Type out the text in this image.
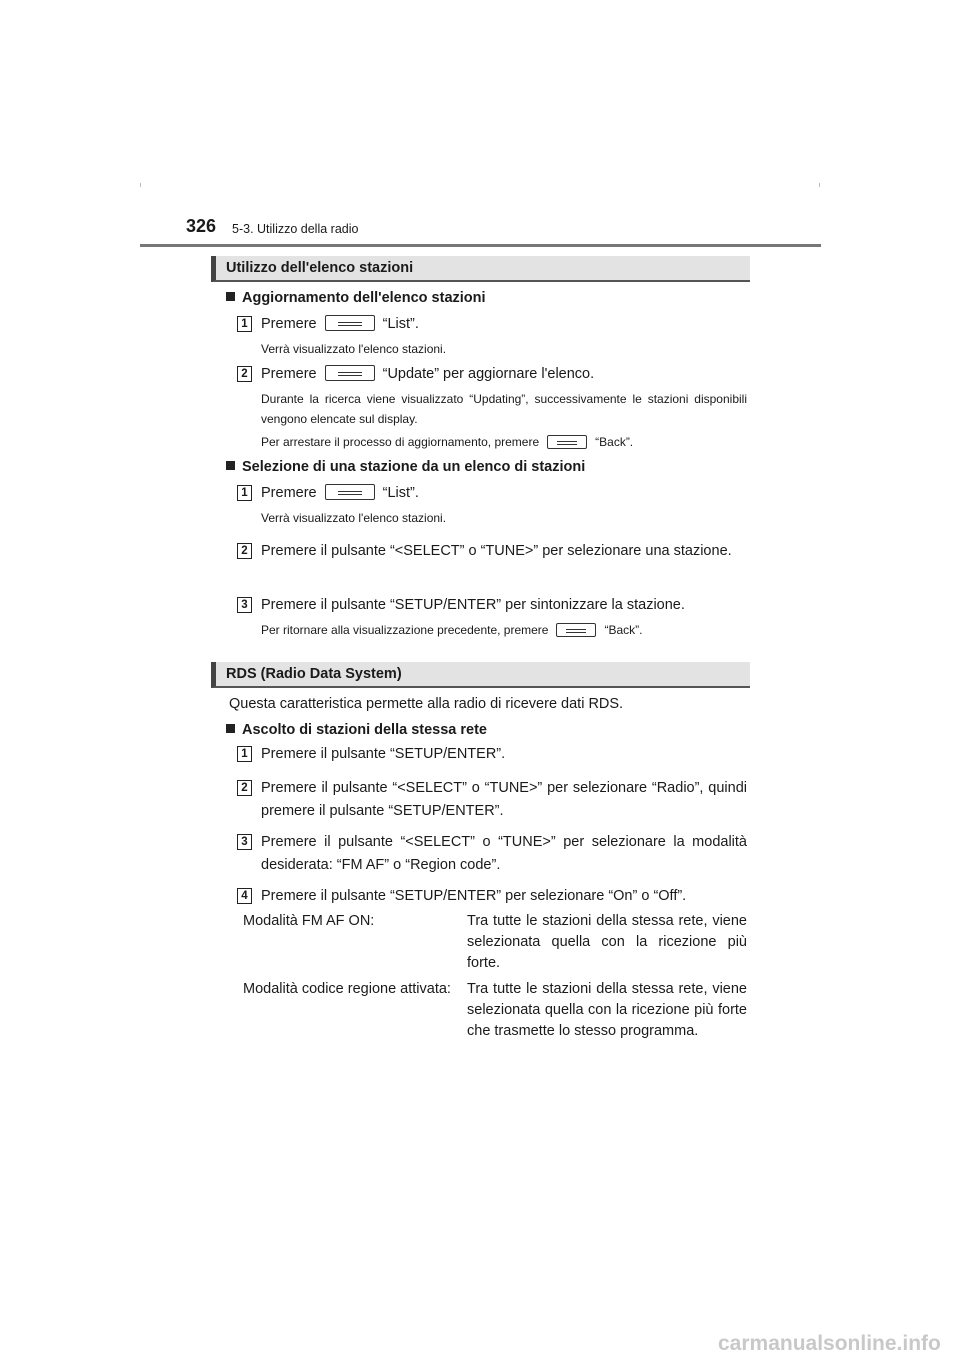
326 5-3. Utilizzo della radio
Utilizzo dell'elenco stazioni
Aggiornamento dell'elenco stazioni
1 Premere	“List”.
Verrà visualizzato l'elenco stazioni.
2 Premere	“Update” per aggiornare l'elenco.
Durante la ricerca viene visualizzato “Updating”, successivamente le stazioni disponibili vengono elencate sul display.
Per arrestare il processo di aggiornamento, premere	“Back”.
Selezione di una stazione da un elenco di stazioni
1 Premere	“List”.
Verrà visualizzato l'elenco stazioni.
2 Premere il pulsante “<SELECT” o “TUNE>” per selezionare una stazione.
3 Premere il pulsante “SETUP/ENTER” per sintonizzare la stazione.
Per ritornare alla visualizzazione precedente, premere	“Back”.
RDS (Radio Data System)
Questa caratteristica permette alla radio di ricevere dati RDS.
Ascolto di stazioni della stessa rete
1 Premere il pulsante “SETUP/ENTER”.
2 Premere il pulsante “<SELECT” o “TUNE>” per selezionare “Radio”, quindi premere il pulsante “SETUP/ENTER”.
3 Premere il pulsante “<SELECT” o “TUNE>” per selezionare la modalità desiderata: “FM AF” o “Region code”.
4 Premere il pulsante “SETUP/ENTER” per selezionare “On” o “Off”.
Modalità FM AF ON:	Tra tutte le stazioni della stessa rete, viene selezionata quella con la ricezione più forte.
Modalità codice regione attivata: Tra tutte le stazioni della stessa rete, viene selezionata quella con la ricezione più forte che trasmette lo stesso programma.
carmanualsonline.info
